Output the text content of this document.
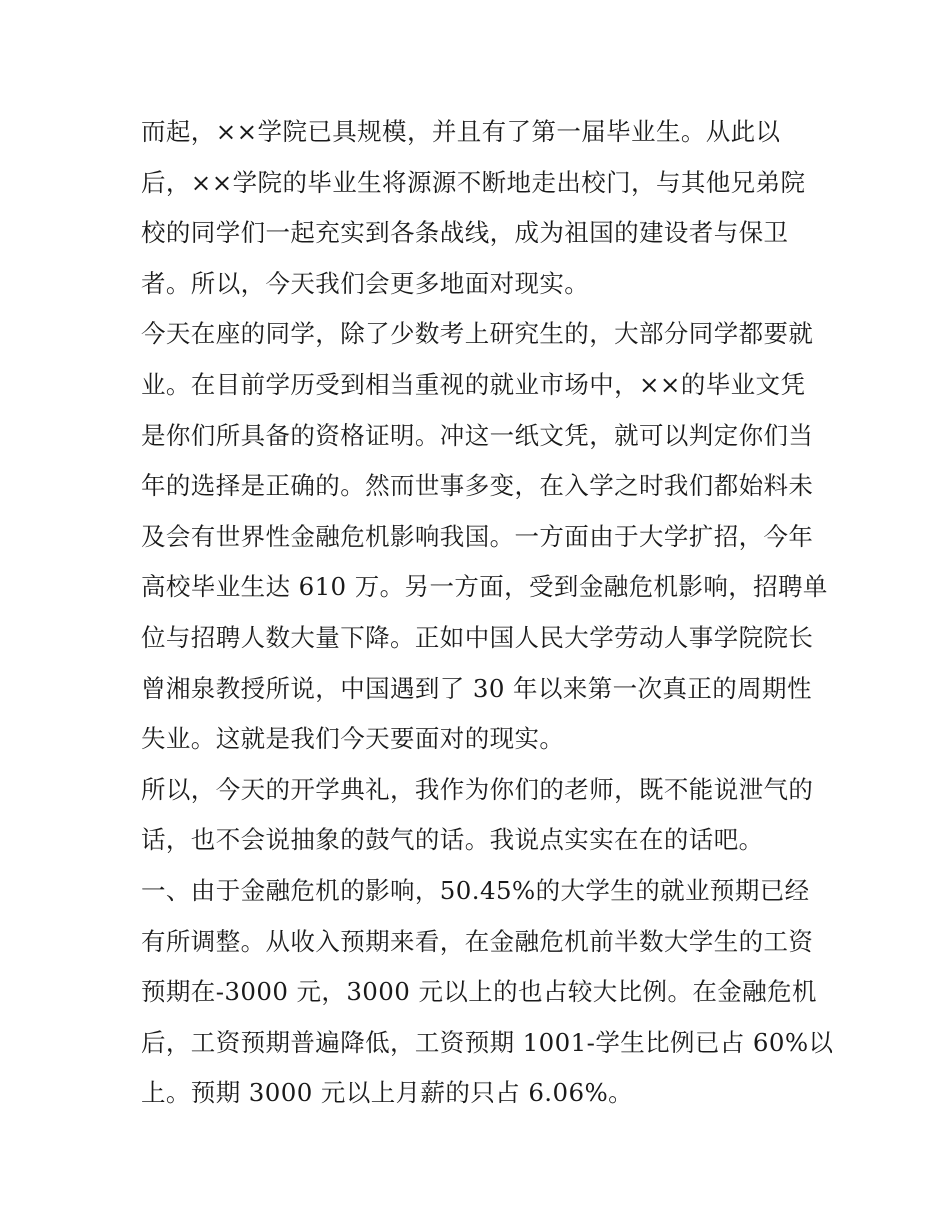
而起，××学院已具规模，并且有了第一届毕业生。从此以
后，××学院的毕业生将源源不断地走出校门，与其他兄弟院
校的同学们一起充实到各条战线，成为祖国的建设者与保卫
者。所以，今天我们会更多地面对现实。
今天在座的同学，除了少数考上研究生的，大部分同学都要就
业。在目前学历受到相当重视的就业市场中，××的毕业文凭
是你们所具备的资格证明。冲这一纸文凭，就可以判定你们当
年的选择是正确的。然而世事多变，在入学之时我们都始料未
及会有世界性金融危机影响我国。一方面由于大学扩招，今年
高校毕业生达 610 万。另一方面，受到金融危机影响，招聘单
位与招聘人数大量下降。正如中国人民大学劳动人事学院院长
曾湘泉教授所说，中国遇到了 30 年以来第一次真正的周期性
失业。这就是我们今天要面对的现实。
所以，今天的开学典礼，我作为你们的老师，既不能说泄气的
话，也不会说抽象的鼓气的话。我说点实实在在的话吧。
一、由于金融危机的影响，50.45%的大学生的就业预期已经
有所调整。从收入预期来看，在金融危机前半数大学生的工资
预期在-3000 元，3000 元以上的也占较大比例。在金融危机
后，工资预期普遍降低，工资预期 1001-学生比例已占 60%以
上。预期 3000 元以上月薪的只占 6.06%。
